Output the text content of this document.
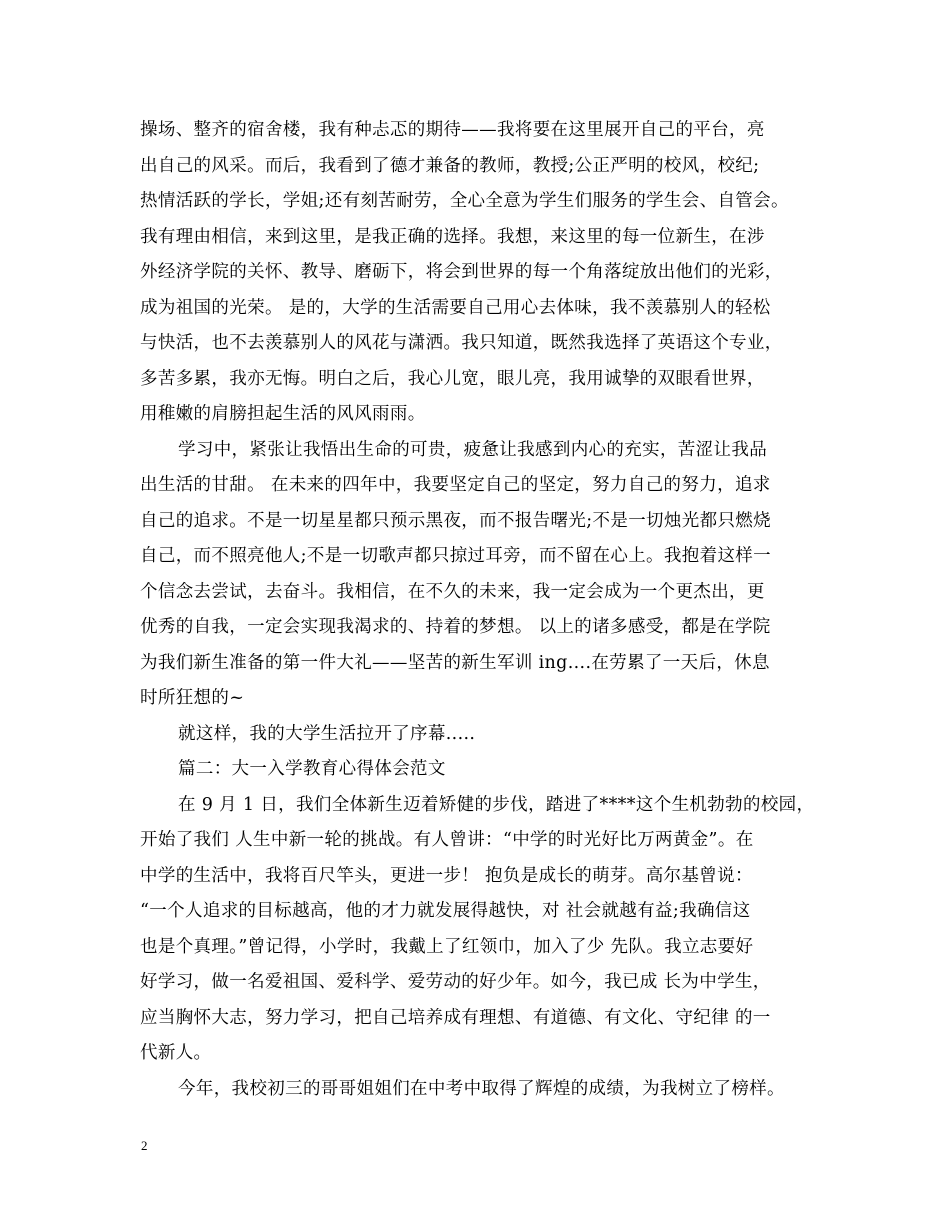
操场、整齐的宿舍楼，我有种忐忑的期待——我将要在这里展开自己的平台，亮
出自己的风采。而后，我看到了德才兼备的教师，教授;公正严明的校风，校纪;
热情活跃的学长，学姐;还有刻苦耐劳，全心全意为学生们服务的学生会、自管会。
我有理由相信，来到这里，是我正确的选择。我想，来这里的每一位新生，在涉
外经济学院的关怀、教导、磨砺下，将会到世界的每一个角落绽放出他们的光彩，
成为祖国的光荣。 是的，大学的生活需要自己用心去体味，我不羡慕别人的轻松
与快活，也不去羡慕别人的风花与潇洒。我只知道，既然我选择了英语这个专业，
多苦多累，我亦无悔。明白之后，我心儿宽，眼儿亮，我用诚挚的双眼看世界，
用稚嫩的肩膀担起生活的风风雨雨。
学习中，紧张让我悟出生命的可贵，疲惫让我感到内心的充实，苦涩让我品
出生活的甘甜。 在未来的四年中，我要坚定自己的坚定，努力自己的努力，追求
自己的追求。不是一切星星都只预示黑夜，而不报告曙光;不是一切烛光都只燃烧
自己，而不照亮他人;不是一切歌声都只掠过耳旁，而不留在心上。我抱着这样一
个信念去尝试，去奋斗。我相信，在不久的未来，我一定会成为一个更杰出，更
优秀的自我，一定会实现我渴求的、持着的梦想。 以上的诸多感受，都是在学院
为我们新生准备的第一件大礼——坚苦的新生军训 ing....在劳累了一天后，休息
时所狂想的~
就这样，我的大学生活拉开了序幕.....
篇二：大一入学教育心得体会范文
在 9 月 1 日，我们全体新生迈着矫健的步伐，踏进了****这个生机勃勃的校园，
开始了我们 人生中新一轮的挑战。有人曾讲：“中学的时光好比万两黄金”。在
中学的生活中，我将百尺竿头，更进一步！ 抱负是成长的萌芽。高尔基曾说：
“一个人追求的目标越高，他的才力就发展得越快，对 社会就越有益;我确信这
也是个真理。”曾记得，小学时，我戴上了红领巾，加入了少 先队。我立志要好
好学习，做一名爱祖国、爱科学、爱劳动的好少年。如今，我已成 长为中学生，
应当胸怀大志，努力学习，把自己培养成有理想、有道德、有文化、守纪律 的一
代新人。
今年，我校初三的哥哥姐姐们在中考中取得了辉煌的成绩，为我树立了榜样。
2
